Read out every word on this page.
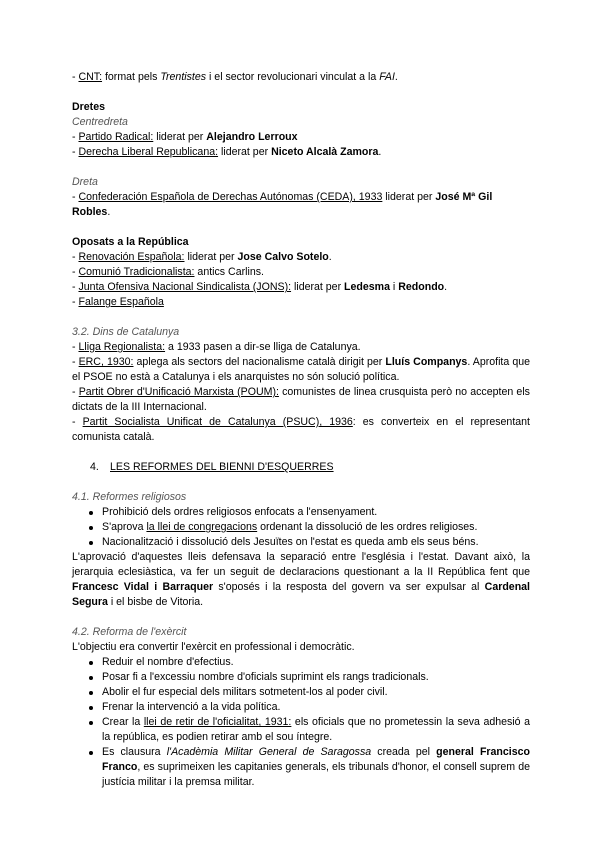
- CNT: format pels Trentistes i el sector revolucionari vinculat a la FAI.

Dretes

Centredreta

- Partido Radical: liderat per Alejandro Lerroux

- Derecha Liberal Republicana: liderat per Niceto Alcalà Zamora.

Dreta

- Confederación Española de Derechas Autónomas (CEDA), 1933 liderat per José Mª Gil Robles.

Oposats a la República

- Renovación Española: liderat per Jose Calvo Sotelo.

- Comunió Tradicionalista: antics Carlins.

- Junta Ofensiva Nacional Sindicalista (JONS): liderat per Ledesma i Redondo.

- Falange Española

3.2. Dins de Catalunya

- Lliga Regionalista: a 1933 pasen a dir-se lliga de Catalunya.

- ERC, 1930: aplega als sectors del nacionalisme català dirigit per Lluís Companys. Aprofita que el PSOE no està a Catalunya i els anarquistes no són solució política.

- Partit Obrer d'Unificació Marxista (POUM): comunistes de linea crusquista però no accepten els dictats de la III Internacional.

- Partit Socialista Unificat de Catalunya (PSUC), 1936: es converteix en el representant comunista català.

4. LES REFORMES DEL BIENNI D'ESQUERRES

4.1. Reformes religiosos

Prohibició dels ordres religiosos enfocats a l'ensenyament.
S'aprova la llei de congregacions ordenant la dissolució de les ordres religioses.
Nacionalització i dissolució dels Jesuïtes on l'estat es queda amb els seus béns.

L'aprovació d'aquestes lleis defensava la separació entre l'església i l'estat. Davant això, la jerarquia eclesiàstica, va fer un seguit de declaracions questionant a la II República fent que Francesc Vidal i Barraquer s'oposés i la resposta del govern va ser expulsar al Cardenal Segura i el bisbe de Vitoria.

4.2. Reforma de l'exèrcit

L'objectiu era convertir l'exèrcit en professional i democràtic.

Reduir el nombre d'efectius.
Posar fi a l'excessiu nombre d'oficials suprimint els rangs tradicionals.
Abolir el fur especial dels militars sotmetent-los al poder civil.
Frenar la intervenció a la vida política.
Crear la llei de retir de l'oficialitat, 1931: els oficials que no prometessin la seva adhesió a la república, es podien retirar amb el sou íntegre.
Es clausura l'Acadèmia Militar General de Saragossa creada pel general Francisco Franco, es suprimeixen les capitanies generals, els tribunals d'honor, el consell suprem de justícia militar i la premsa militar.
